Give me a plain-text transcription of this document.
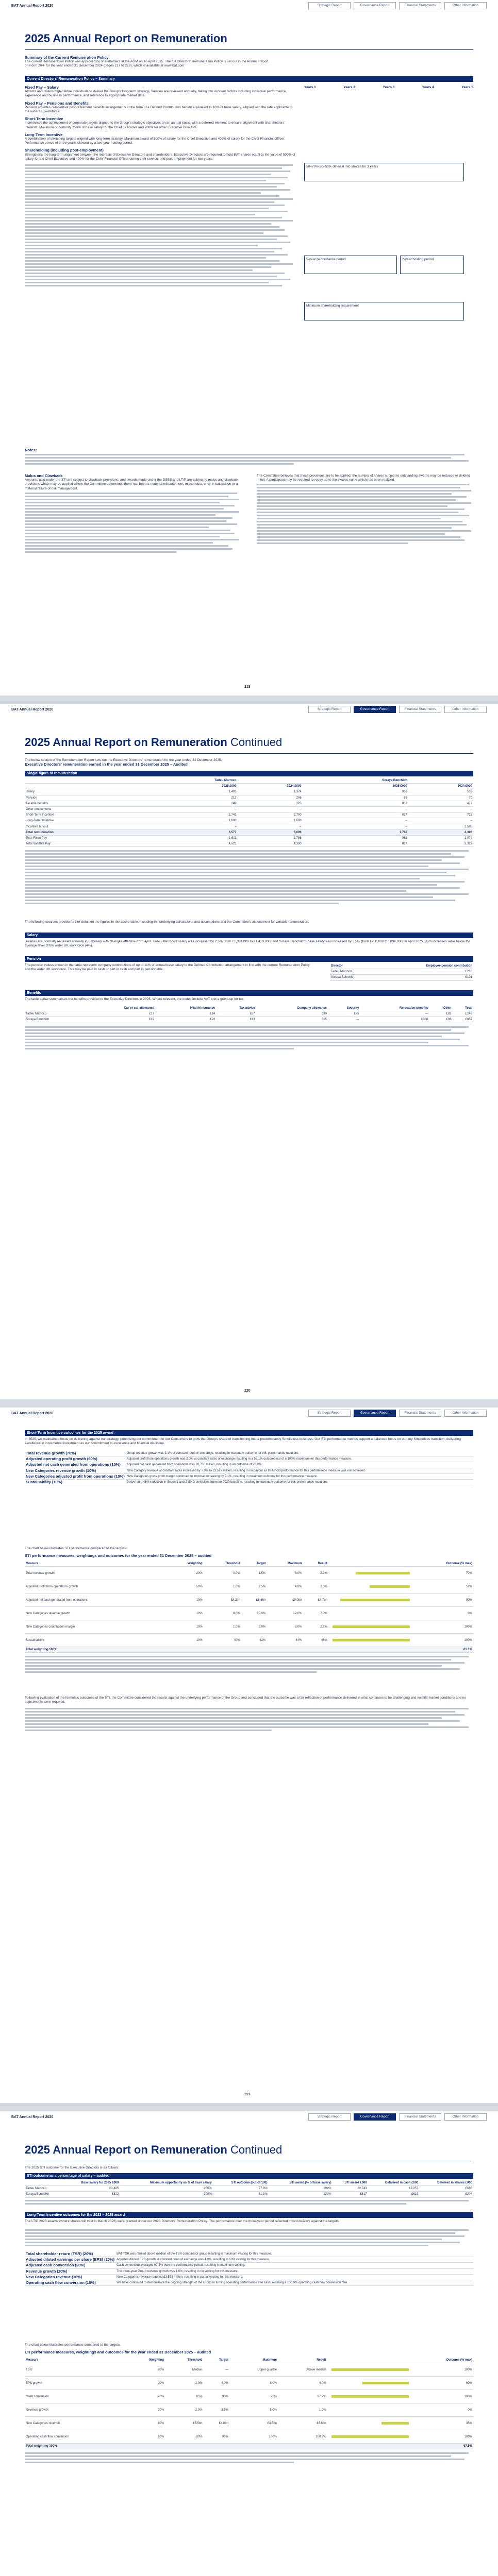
BAT Annual Report 2020	Strategic Report	Governance Report	Financial Statements	Other Information
2025 Annual Report on Remuneration
Summary of the Current Remuneration Policy
The current Remuneration Policy was approved by shareholders at the AGM on 16 April 2025. The full Directors' Remuneration Policy is set out in the Annual Report on Form 20-F for the year ended 31 December 2024 (pages 217 to 229), which is available at www.bat.com
Current Directors' Remuneration Policy – Summary
Fixed Pay – Salary
Attracts and retains high-calibre individuals to deliver the Group's long-term strategy. Salaries are reviewed annually, taking into account factors including individual performance, experience and business performance, and reference to appropriate market data.
Fixed Pay – Pensions and Benefits
Pension provides competitive post-retirement benefits arrangements in the form of a Defined Contribution benefit equivalent to 10% of base salary, aligned with the rate applicable to the wider UK workforce.
Short-Term Incentive
Incentivises the achievement of corporate targets aligned to the Group's strategic objectives on an annual basis, with a deferred element to ensure alignment with shareholders' interests. Maximum opportunity 250% of base salary for the Chief Executive and 200% for other Executive Directors.
Long-Term Incentive
A combination of stretching targets aligned with long-term strategy. Maximum award of 500% of salary for the Chief Executive and 400% of salary for the Chief Financial Officer. Performance period of three years followed by a two-year holding period.
Shareholding (including post-employment)
Strengthens the long-term alignment between the interests of Executive Directors and shareholders. Executive Directors are required to hold BAT shares equal to the value of 500% of salary for the Chief Executive and 400% for the Chief Financial Officer during their service, and post-employment for two years.
Years 1	Years 2	Years 3	Years 4	Years 5
50–70% 30–50% deferral into shares for 3 years
5-year performance period	2-year holding period
Minimum shareholding requirement
Notes:
Malus and Clawback
Amounts paid under the STI are subject to clawback provisions, and awards made under the DSBS and LTIP are subject to malus and clawback provisions which may be applied where the Committee determines there has been a material misstatement, misconduct, error in calculation or a material failure of risk management.
The Committee believes that these provisions are to be applied, the number of shares subject to outstanding awards may be reduced or deleted in full. A participant may be required to repay up to the excess value which has been realised.
218
BAT Annual Report 2020	Strategic Report	Governance Report	Financial Statements	Other Information
2025 Annual Report on Remuneration Continued
The below section of the Remuneration Report sets out the Executive Directors' remuneration for the year ended 31 December 2025.
Executive Directors' remuneration earned in the year ended 31 December 2025 – Audited
Single figure of remuneration
	Tadeu Marroco		Soraya Benchikh	
	2025 £000	2024 £000	2025 £000	2024 £000
Salary	1,493	1,374	963	533
Pension	212	206	83	70
Taxable benefits	349	226	857	477
Other emoluments	–	–	–	–
Short-Term Incentive	2,743	2,700	817	728
Long-Term Incentive	1,880	1,680	–	–
Incentive buyout	–	–	–	2,588
Total remuneration	6,577	6,096	1,768	4,396
Total Fixed Pay	1,611	1,786	961	1,074
Total Variable Pay	4,623	4,380	817	3,322
The following sections provide further detail on the figures in the above table, including the underlying calculations and assumptions and the Committee's assessment for variable remuneration.
Salary
Salaries are normally reviewed annually in February with changes effective from April. Tadeu Marroco's salary was increased by 2.5% (from £1,384,000 to £1,419,000) and Soraya Benchikh's base salary was increased by 3.5% (from £930,000 to £839,000) in April 2025. Both increases were below the average level of the wider UK workforce (4%).
Pension
The pension values shown in the table represent company contributions of up to 11% of annual base salary to the Defined Contribution arrangement in line with the current Remuneration Policy and the wider UK workforce. This may be paid in cash or part in cash and part in pensionable.
Director	Employee pension contribution
Tadeu Marroco	£210
Soraya Benchikh	£101
Benefits
The table below summarises the benefits provided to the Executive Directors in 2025. Where relevant, the codes include VAT and a gross-up for tax.
	Car or car allowance	Health insurance	Tax advice	Company allowance	Security	Relocation benefits	Other	Total
Tadeu Marroco	£17	£14	£87	£30	£75	—	£82	£249
Soraya Benchikh	£19	£23	£13	£15	—	£336	£98	£857
220
BAT Annual Report 2020	Strategic Report	Governance Report	Financial Statements	Other Information
Short-Term Incentive outcomes for the 2025 award
In 2025, we maintained focus on delivering against our strategy, prioritising our commitment to our Consumers to grow the Group's share of transitioning into a predominantly Smokeless business. Our STI performance metrics support a balanced focus on our key Smokeless transition, delivering excellence in incremental investment as our commitment to excellence and financial discipline.
Total revenue growth (70%)	Group revenue growth was 2.1% at constant rates of exchange, resulting in maximum outcome for this performance measure.
Adjusted operating profit growth (50%)	Adjusted profit from operations growth was 2.0% at constant rates of exchange resulting in a 52.1% outcome out of a 100% maximum for this performance measure.
Adjusted net cash generated from operations (10%)	Adjusted net cash generated from operations was £8,730 million, resulting in an outcome of 90.0%.
New Categories revenue growth (10%)	New Category revenue at constant rates increased by 7.0% to £3,573 million, resulting in no payout as threshold performance for this performance measure was not achieved.
New Categories adjusted profit from operations (10%)	New Categories gross profit margin continued to improve increasing by 2.1%, resulting in maximum outcome for this performance measure.
Sustainability (10%)	Delivered a 46% reduction in Scope 1 and 2 GHG emissions from our 2020 baseline, resulting in maximum outcome for this performance measure.
The chart below illustrates STI performance compared to the targets.
STI performance measures, weightings and outcomes for the year ended 31 December 2025 – audited
Measure	Weighting	Threshold	Target	Maximum	Result		Outcome (% max)
Total revenue growth	20%	0.0%	1.5%	3.0%	2.1%		70%
Adjusted profit from operations growth	50%	1.0%	2.5%	4.0%	2.0%		52%
Adjusted net cash generated from operations	10%	£8.2bn	£8.6bn	£9.0bn	£8.7bn		90%
New Categories revenue growth	10%	8.0%	10.0%	12.0%	7.0%		0%
New Categories contribution margin	10%	1.0%	2.0%	3.0%	2.1%		100%
Sustainability	10%	40%	42%	44%	46%		100%
Total weighting 100%							61.1%
Following evaluation of the formulaic outcomes of the STI, the Committee considered the results against the underlying performance of the Group and concluded that the outcome was a fair reflection of performance delivered in what continues to be challenging and volatile market conditions and no adjustments were required.
221
BAT Annual Report 2020	Strategic Report	Governance Report	Financial Statements	Other Information
2025 Annual Report on Remuneration Continued
The 2025 STI outcome for the Executive Directors is as follows:
STI outcome as a percentage of salary – audited
	Base salary for 2025 £000	Maximum opportunity as % of base salary	STI outcome (out of 100)	STI award (% of base salary)	STI award £000	Delivered in cash £000	Deferred in shares £000
Tadeu Marroco	£1,405	250%	77.8%	194%	£2,743	£2,057	£686
Soraya Benchikh	£822	200%	61.1%	122%	£817	£613	£204
Long-Term Incentive outcomes for the 2023 – 2025 award
The LTIP 2023 awards (where shares will vest in March 2026) were granted under our 2023 Directors' Remuneration Policy. The performance over the three-year period reflected mixed delivery against the targets.
Total shareholder return (TSR) (20%)	BAT TSR was ranked above median of the TSR comparator group resulting in maximum vesting for this measure.
Adjusted diluted earnings per share (EPS) (20%)	Adjusted diluted EPS growth at constant rates of exchange was 4.0%, resulting in 60% vesting for this measure.
Adjusted cash conversion (20%)	Cash conversion averaged 97.2% over the performance period, resulting in maximum vesting.
Revenue growth (20%)	The three-year Group revenue growth was 1.0%, resulting in no vesting for this measure.
New Categories revenue (10%)	New Categories revenue reached £3,573 million, resulting in partial vesting for this measure.
Operating cash flow conversion (10%)	We have continued to demonstrate the ongoing strength of the Group in turning operating performance into cash, realising a 100.9% operating cash flow conversion rate.
The chart below illustrates performance compared to the targets.
LTI performance measures, weightings and outcomes for the year ended 31 December 2025 – audited
Measure	Weighting	Threshold	Target	Maximum	Result		Outcome (% max)
TSR	20%	Median	—	Upper quartile	Above median		100%
EPS growth	20%	2.0%	4.0%	8.0%	4.0%		60%
Cash conversion	20%	85%	90%	95%	97.2%		100%
Revenue growth	20%	2.0%	3.5%	5.0%	1.0%		0%
New Categories revenue	10%	£3.5bn	£4.0bn	£4.5bn	£3.6bn		35%
Operating cash flow conversion	10%	80%	90%	100%	100.9%		100%
Total weighting 100%							67.5%
